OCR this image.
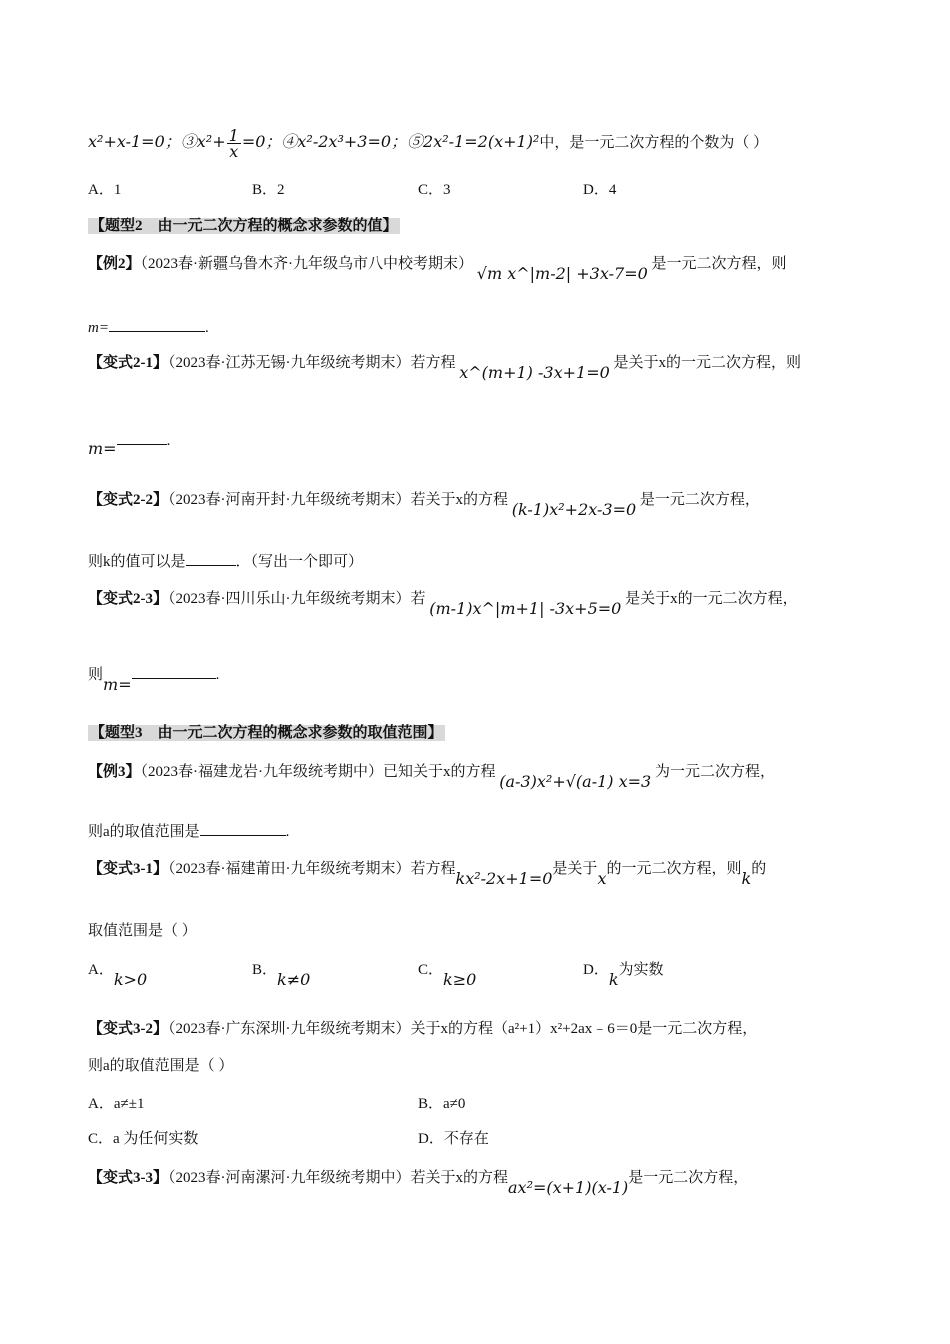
x²+x-1=0；③x²+ $\frac{1}{x} =0$；④x²-2x³+3=0；⑤2x²-1=2(x+1)²中，是一元二次方程的个数为（ ）
A．1	B．2	C．3	D．4
【题型2　由一元二次方程的概念求参数的值】
【例2】（2023春·新疆乌鲁木齐·九年级乌市八中校考期末） √m x^|m-2| +3x-7=0 是一元二次方程，则
m=	.
【变式2-1】（2023春·江苏无锡·九年级统考期末）若方程 x^(m+1) -3x+1=0 是关于x的一元二次方程，则
m=	.
【变式2-2】（2023春·河南开封·九年级统考期末）若关于x的方程 (k-1)x²+2x-3=0 是一元二次方程，
则k的值可以是	．（写出一个即可）
【变式2-3】（2023春·四川乐山·九年级统考期末）若 (m-1)x^|m+1| -3x+5=0 是关于x的一元二次方程，
则m=	.
【题型3　由一元二次方程的概念求参数的取值范围】
【例3】（2023春·福建龙岩·九年级统考期中）已知关于x的方程 (a-3)x²+√(a-1) x=3 为一元二次方程，
则a的取值范围是	.
【变式3-1】（2023春·福建莆田·九年级统考期末）若方程kx²-2x+1=0是关于x的一元二次方程，则k的
取值范围是（ ）
A．k>0	B．k≠0	C．k≥0	D．k为实数
【变式3-2】（2023春·广东深圳·九年级统考期末）关于x的方程（a²+1）x²+2ax﹣6＝0是一元二次方程，
则a的取值范围是（ ）
A．a≠±1	B．a≠0
C．a 为任何实数	D．不存在
【变式3-3】（2023春·河南漯河·九年级统考期中）若关于x的方程ax²=(x+1)(x-1)是一元二次方程，
